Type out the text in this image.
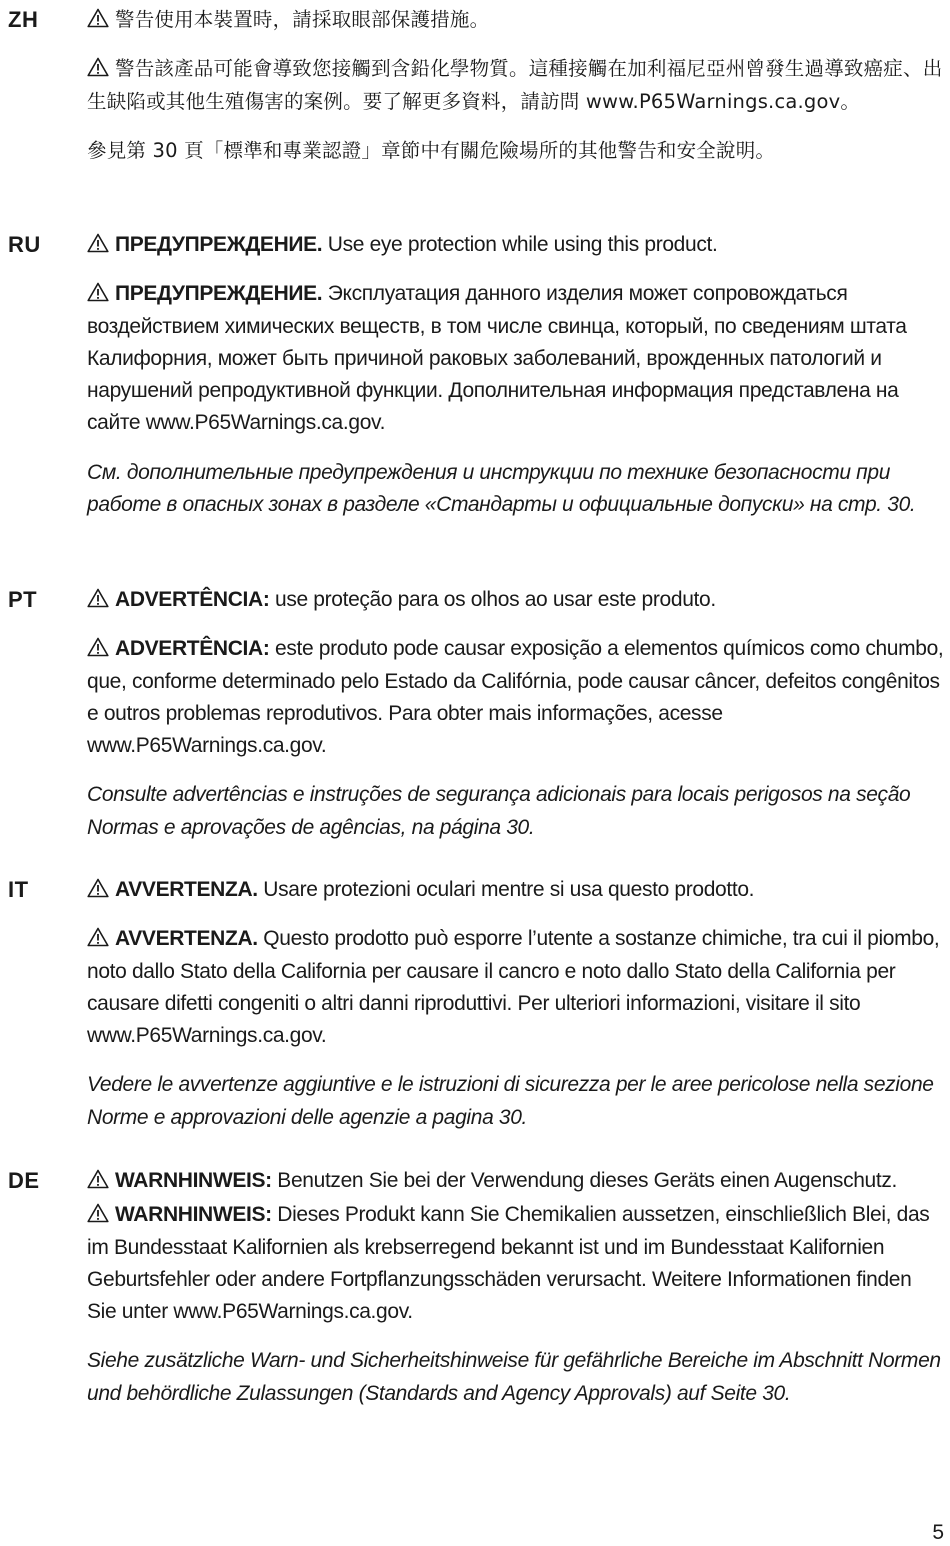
ZH	警告使用本裝置時，請採取眼部保護措施。

警告該產品可能會導致您接觸到含鉛化學物質。這種接觸在加利福尼亞州曾發生過導致癌症、出生缺陷或其他生殖傷害的案例。要了解更多資料，請訪問 www.P65Warnings.ca.gov。

參見第 30 頁「標準和專業認證」章節中有關危險場所的其他警告和安全說明。

RU	ПРЕДУПРЕЖДЕНИЕ. Use eye protection while using this product.

ПРЕДУПРЕЖДЕНИЕ. Эксплуатация данного изделия может сопровождаться воздействием химических веществ, в том числе свинца, который, по сведениям штата Калифорния, может быть причиной раковых заболеваний, врожденных патологий и нарушений репродуктивной функции. Дополнительная информация представлена на сайте www.P65Warnings.ca.gov.

См. дополнительные предупреждения и инструкции по технике безопасности при работе в опасных зонах в разделе «Стандарты и официальные допуски» на стр. 30.

PT	ADVERTÊNCIA: use proteção para os olhos ao usar este produto.

ADVERTÊNCIA: este produto pode causar exposição a elementos químicos como chumbo, que, conforme determinado pelo Estado da Califórnia, pode causar câncer, defeitos congênitos e outros problemas reprodutivos. Para obter mais informações, acesse www.P65Warnings.ca.gov.

Consulte advertências e instruções de segurança adicionais para locais perigosos na seção Normas e aprovações de agências, na página 30.

IT	AVVERTENZA. Usare protezioni oculari mentre si usa questo prodotto.

AVVERTENZA. Questo prodotto può esporre l’utente a sostanze chimiche, tra cui il piombo, noto dallo Stato della California per causare il cancro e noto dallo Stato della California per causare difetti congeniti o altri danni riproduttivi. Per ulteriori informazioni, visitare il sito www.P65Warnings.ca.gov.

Vedere le avvertenze aggiuntive e le istruzioni di sicurezza per le aree pericolose nella sezione Norme e approvazioni delle agenzie a pagina 30.

DE	WARNHINWEIS: Benutzen Sie bei der Verwendung dieses Geräts einen Augenschutz.

WARNHINWEIS: Dieses Produkt kann Sie Chemikalien aussetzen, einschließlich Blei, das im Bundesstaat Kalifornien als krebserregend bekannt ist und im Bundesstaat Kalifornien Geburtsfehler oder andere Fortpflanzungsschäden verursacht. Weitere Informationen finden Sie unter www.P65Warnings.ca.gov.

Siehe zusätzliche Warn- und Sicherheitshinweise für gefährliche Bereiche im Abschnitt Normen und behördliche Zulassungen (Standards and Agency Approvals) auf Seite 30.

5
